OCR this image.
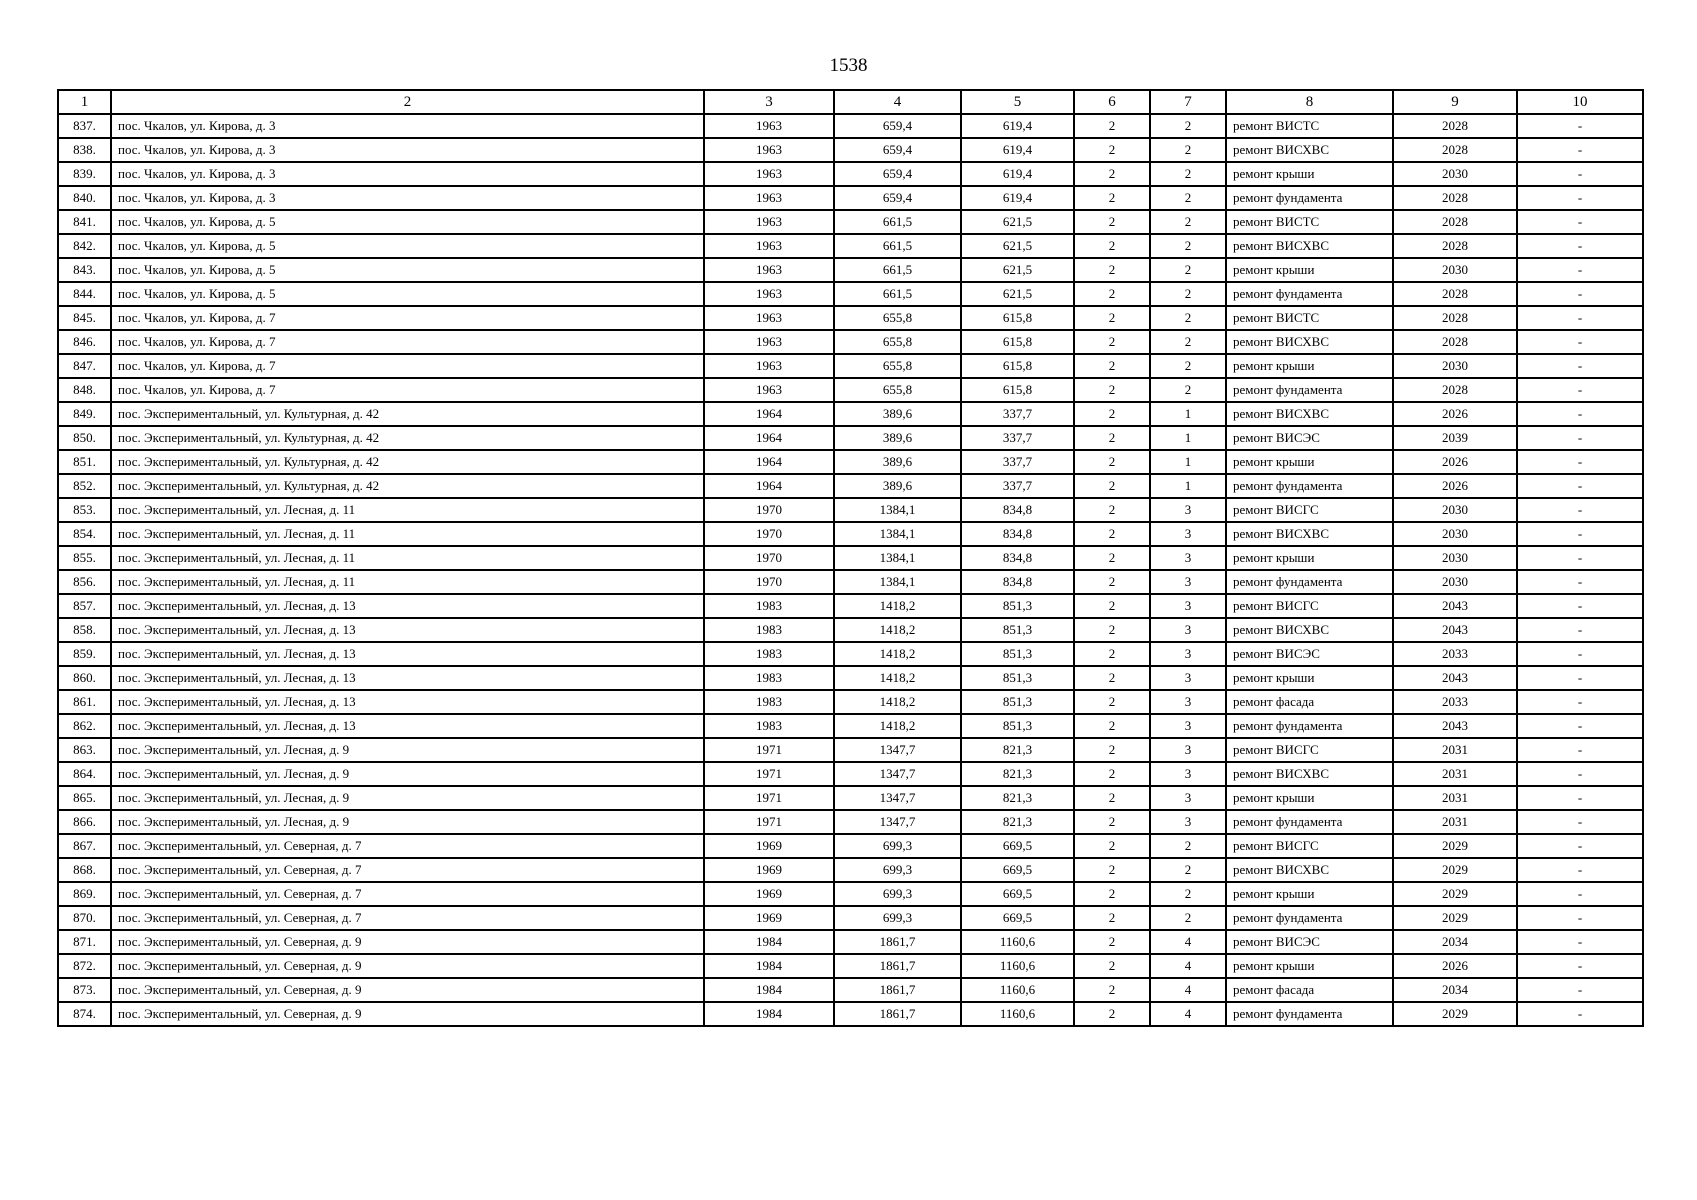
1538
1	2	3	4	5	6	7	8	9	10
837.	пос. Чкалов, ул. Кирова, д. 3	1963	659,4	619,4	2	2	ремонт ВИСТС	2028	-
838.	пос. Чкалов, ул. Кирова, д. 3	1963	659,4	619,4	2	2	ремонт ВИСХВС	2028	-
839.	пос. Чкалов, ул. Кирова, д. 3	1963	659,4	619,4	2	2	ремонт крыши	2030	-
840.	пос. Чкалов, ул. Кирова, д. 3	1963	659,4	619,4	2	2	ремонт фундамента	2028	-
841.	пос. Чкалов, ул. Кирова, д. 5	1963	661,5	621,5	2	2	ремонт ВИСТС	2028	-
842.	пос. Чкалов, ул. Кирова, д. 5	1963	661,5	621,5	2	2	ремонт ВИСХВС	2028	-
843.	пос. Чкалов, ул. Кирова, д. 5	1963	661,5	621,5	2	2	ремонт крыши	2030	-
844.	пос. Чкалов, ул. Кирова, д. 5	1963	661,5	621,5	2	2	ремонт фундамента	2028	-
845.	пос. Чкалов, ул. Кирова, д. 7	1963	655,8	615,8	2	2	ремонт ВИСТС	2028	-
846.	пос. Чкалов, ул. Кирова, д. 7	1963	655,8	615,8	2	2	ремонт ВИСХВС	2028	-
847.	пос. Чкалов, ул. Кирова, д. 7	1963	655,8	615,8	2	2	ремонт крыши	2030	-
848.	пос. Чкалов, ул. Кирова, д. 7	1963	655,8	615,8	2	2	ремонт фундамента	2028	-
849.	пос. Экспериментальный, ул. Культурная, д. 42	1964	389,6	337,7	2	1	ремонт ВИСХВС	2026	-
850.	пос. Экспериментальный, ул. Культурная, д. 42	1964	389,6	337,7	2	1	ремонт ВИСЭС	2039	-
851.	пос. Экспериментальный, ул. Культурная, д. 42	1964	389,6	337,7	2	1	ремонт крыши	2026	-
852.	пос. Экспериментальный, ул. Культурная, д. 42	1964	389,6	337,7	2	1	ремонт фундамента	2026	-
853.	пос. Экспериментальный, ул. Лесная, д. 11	1970	1384,1	834,8	2	3	ремонт ВИСГС	2030	-
854.	пос. Экспериментальный, ул. Лесная, д. 11	1970	1384,1	834,8	2	3	ремонт ВИСХВС	2030	-
855.	пос. Экспериментальный, ул. Лесная, д. 11	1970	1384,1	834,8	2	3	ремонт крыши	2030	-
856.	пос. Экспериментальный, ул. Лесная, д. 11	1970	1384,1	834,8	2	3	ремонт фундамента	2030	-
857.	пос. Экспериментальный, ул. Лесная, д. 13	1983	1418,2	851,3	2	3	ремонт ВИСГС	2043	-
858.	пос. Экспериментальный, ул. Лесная, д. 13	1983	1418,2	851,3	2	3	ремонт ВИСХВС	2043	-
859.	пос. Экспериментальный, ул. Лесная, д. 13	1983	1418,2	851,3	2	3	ремонт ВИСЭС	2033	-
860.	пос. Экспериментальный, ул. Лесная, д. 13	1983	1418,2	851,3	2	3	ремонт крыши	2043	-
861.	пос. Экспериментальный, ул. Лесная, д. 13	1983	1418,2	851,3	2	3	ремонт фасада	2033	-
862.	пос. Экспериментальный, ул. Лесная, д. 13	1983	1418,2	851,3	2	3	ремонт фундамента	2043	-
863.	пос. Экспериментальный, ул. Лесная, д. 9	1971	1347,7	821,3	2	3	ремонт ВИСГС	2031	-
864.	пос. Экспериментальный, ул. Лесная, д. 9	1971	1347,7	821,3	2	3	ремонт ВИСХВС	2031	-
865.	пос. Экспериментальный, ул. Лесная, д. 9	1971	1347,7	821,3	2	3	ремонт крыши	2031	-
866.	пос. Экспериментальный, ул. Лесная, д. 9	1971	1347,7	821,3	2	3	ремонт фундамента	2031	-
867.	пос. Экспериментальный, ул. Северная, д. 7	1969	699,3	669,5	2	2	ремонт ВИСГС	2029	-
868.	пос. Экспериментальный, ул. Северная, д. 7	1969	699,3	669,5	2	2	ремонт ВИСХВС	2029	-
869.	пос. Экспериментальный, ул. Северная, д. 7	1969	699,3	669,5	2	2	ремонт крыши	2029	-
870.	пос. Экспериментальный, ул. Северная, д. 7	1969	699,3	669,5	2	2	ремонт фундамента	2029	-
871.	пос. Экспериментальный, ул. Северная, д. 9	1984	1861,7	1160,6	2	4	ремонт ВИСЭС	2034	-
872.	пос. Экспериментальный, ул. Северная, д. 9	1984	1861,7	1160,6	2	4	ремонт крыши	2026	-
873.	пос. Экспериментальный, ул. Северная, д. 9	1984	1861,7	1160,6	2	4	ремонт фасада	2034	-
874.	пос. Экспериментальный, ул. Северная, д. 9	1984	1861,7	1160,6	2	4	ремонт фундамента	2029	-
